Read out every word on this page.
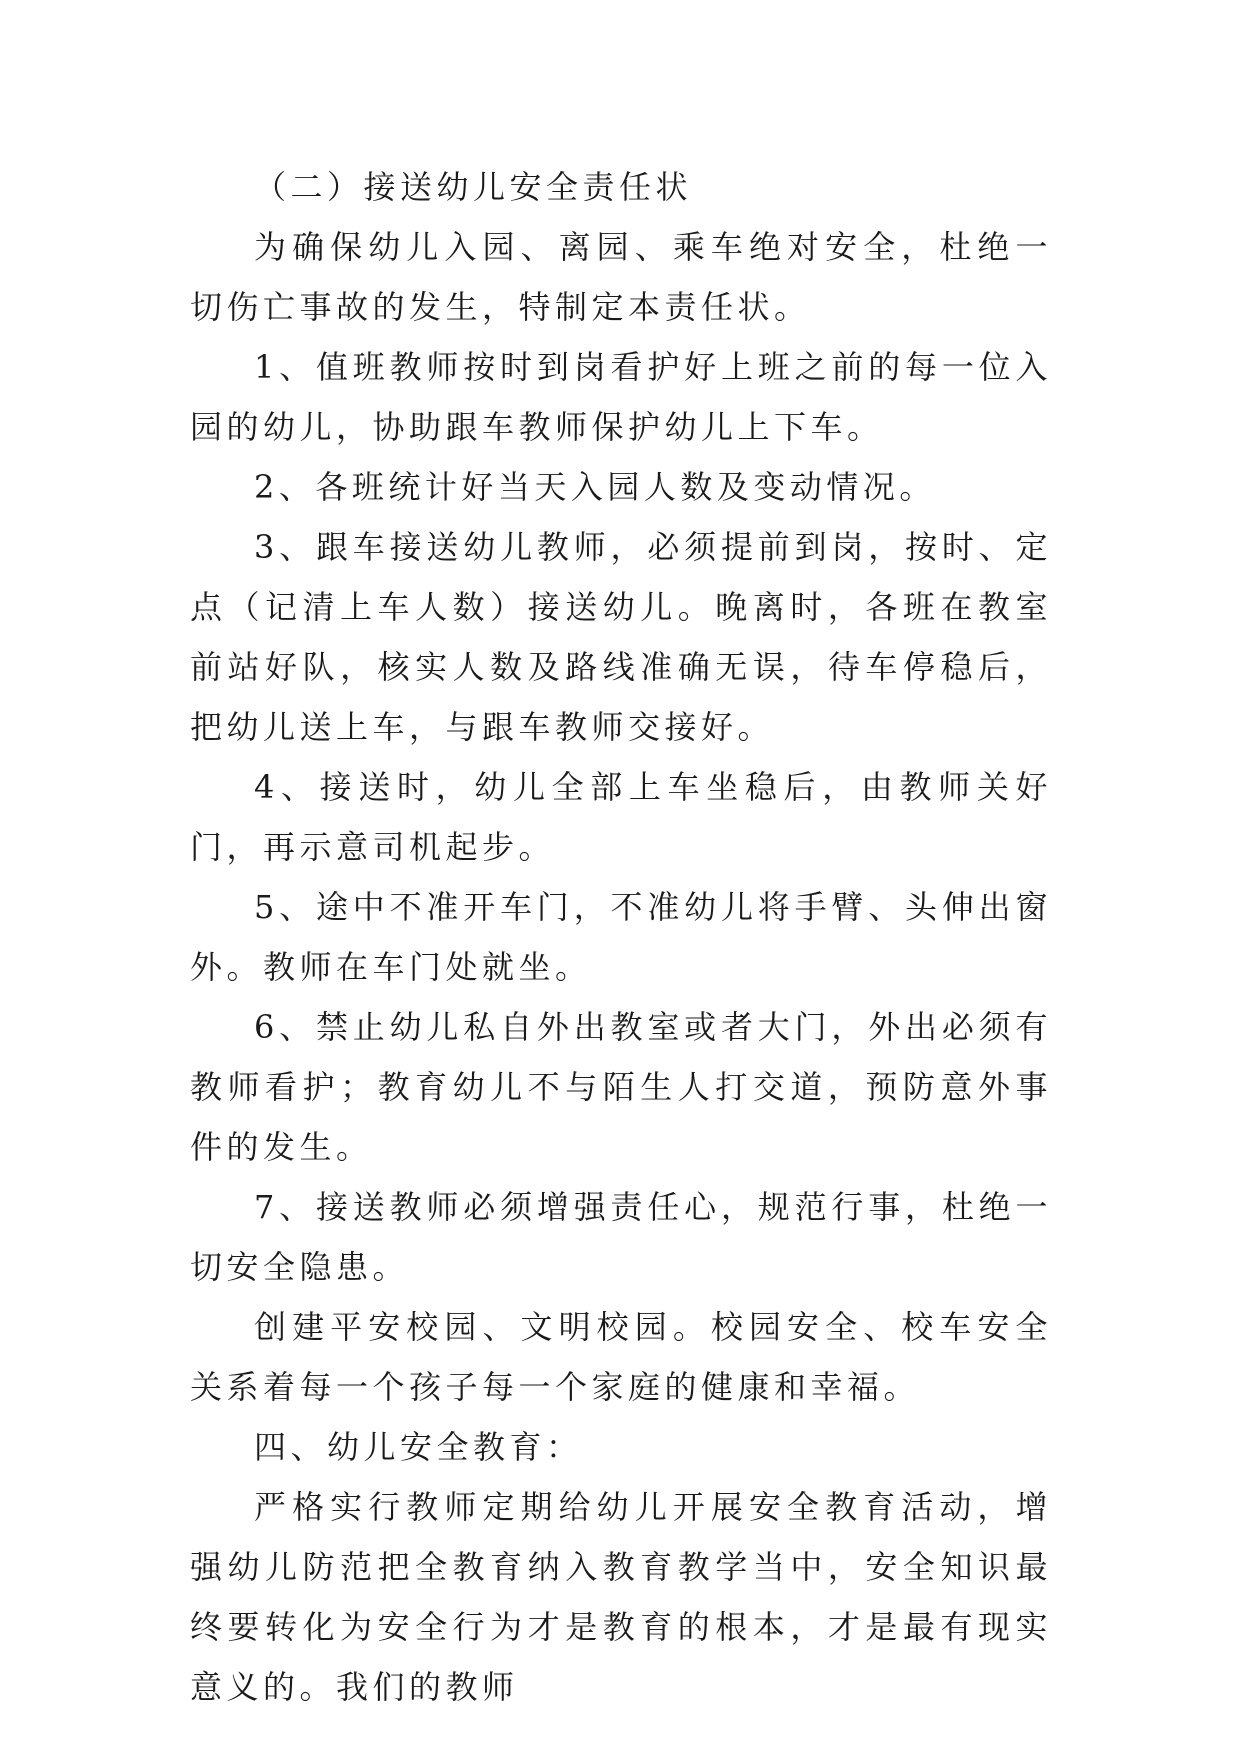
（二）接送幼儿安全责任状

为确保幼儿入园、离园、乘车绝对安全，杜绝一切伤亡事故的发生，特制定本责任状。

1、值班教师按时到岗看护好上班之前的每一位入园的幼儿，协助跟车教师保护幼儿上下车。

2、各班统计好当天入园人数及变动情况。

3、跟车接送幼儿教师，必须提前到岗，按时、定点（记清上车人数）接送幼儿。晚离时，各班在教室前站好队，核实人数及路线准确无误，待车停稳后，把幼儿送上车，与跟车教师交接好。

4、接送时，幼儿全部上车坐稳后，由教师关好门，再示意司机起步。

5、途中不准开车门，不准幼儿将手臂、头伸出窗外。教师在车门处就坐。

6、禁止幼儿私自外出教室或者大门，外出必须有教师看护；教育幼儿不与陌生人打交道，预防意外事件的发生。

7、接送教师必须增强责任心，规范行事，杜绝一切安全隐患。

创建平安校园、文明校园。校园安全、校车安全关系着每一个孩子每一个家庭的健康和幸福。

四、幼儿安全教育：

严格实行教师定期给幼儿开展安全教育活动，增强幼儿防范把全教育纳入教育教学当中，安全知识最终要转化为安全行为才是教育的根本，才是最有现实意义的。我们的教师
